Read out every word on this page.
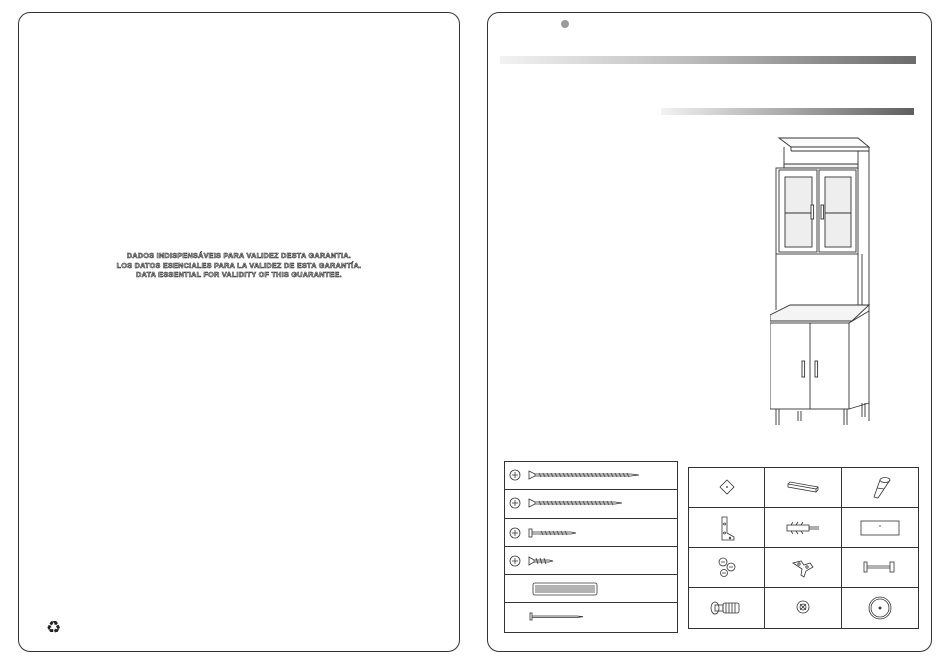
DADOS INDISPENSÁVEIS PARA VALIDEZ DESTA GARANTIA.
LOS DATOS ESENCIALES PARA LA VALIDEZ DE ESTA GARANTÍA.
DATA ESSENTIAL FOR VALIDITY OF THIS GUARANTEE.
♻
